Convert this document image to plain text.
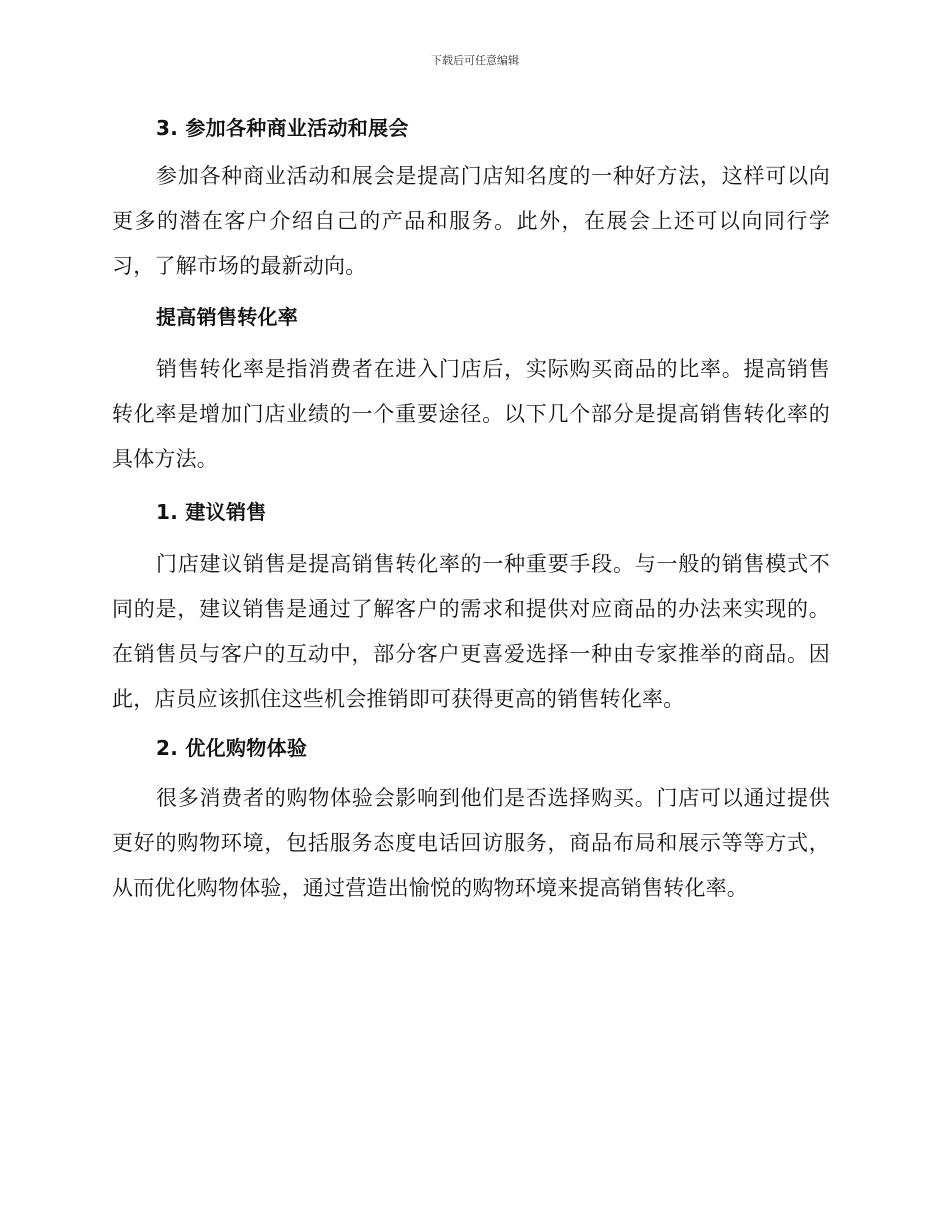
下载后可任意编辑
3. 参加各种商业活动和展会

参加各种商业活动和展会是提高门店知名度的一种好方法，这样可以向更多的潜在客户介绍自己的产品和服务。此外，在展会上还可以向同行学习，了解市场的最新动向。

提高销售转化率

销售转化率是指消费者在进入门店后，实际购买商品的比率。提高销售转化率是增加门店业绩的一个重要途径。以下几个部分是提高销售转化率的具体方法。

1. 建议销售

门店建议销售是提高销售转化率的一种重要手段。与一般的销售模式不同的是，建议销售是通过了解客户的需求和提供对应商品的办法来实现的。在销售员与客户的互动中，部分客户更喜爱选择一种由专家推举的商品。因此，店员应该抓住这些机会推销即可获得更高的销售转化率。

2. 优化购物体验

很多消费者的购物体验会影响到他们是否选择购买。门店可以通过提供更好的购物环境，包括服务态度电话回访服务，商品布局和展示等等方式，从而优化购物体验，通过营造出愉悦的购物环境来提高销售转化率。
